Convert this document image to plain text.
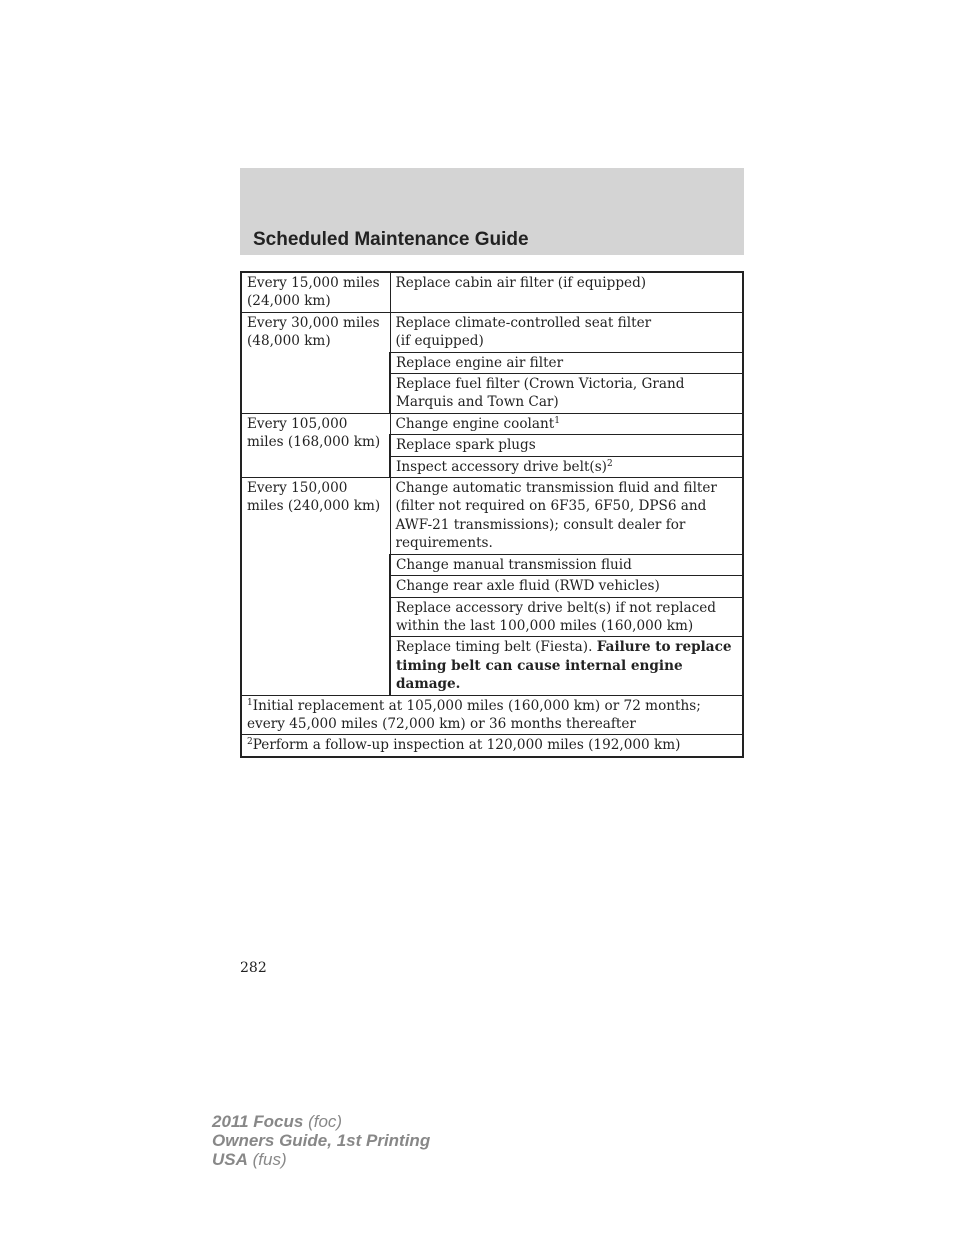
Scheduled Maintenance Guide
Every 15,000 miles (24,000 km)	Replace cabin air filter (if equipped)
Every 30,000 miles (48,000 km)	Replace climate-controlled seat filter
(if equipped)
	Replace engine air filter
	Replace fuel filter (Crown Victoria, Grand Marquis and Town Car)
Every 105,000 miles (168,000 km)	Change engine coolant$^1$
	Replace spark plugs
	Inspect accessory drive $belt(s)^2$
Every 150,000 miles (240,000 km)	Change automatic transmission fluid and filter (filter not required on 6F35, 6F50, DPS6 and AWF-21 transmissions); consult dealer for requirements.
	Change manual transmission fluid
	Change rear axle fluid (RWD vehicles)
	Replace accessory drive belt(s) if not replaced within the last 100,000 miles (160,000 km)
	Replace timing belt (Fiesta). Failure to replace timing belt can cause internal engine damage.
$^1$Initial replacement at 105,000 miles (160,000 km) or 72 months; every 45,000 miles (72,000 km) or 36 months thereafter	
$^2$Perform a follow-up inspection at 120,000 miles (192,000 km)	
282
2011 Focus (foc)
Owners Guide, 1st Printing
USA (fus)
